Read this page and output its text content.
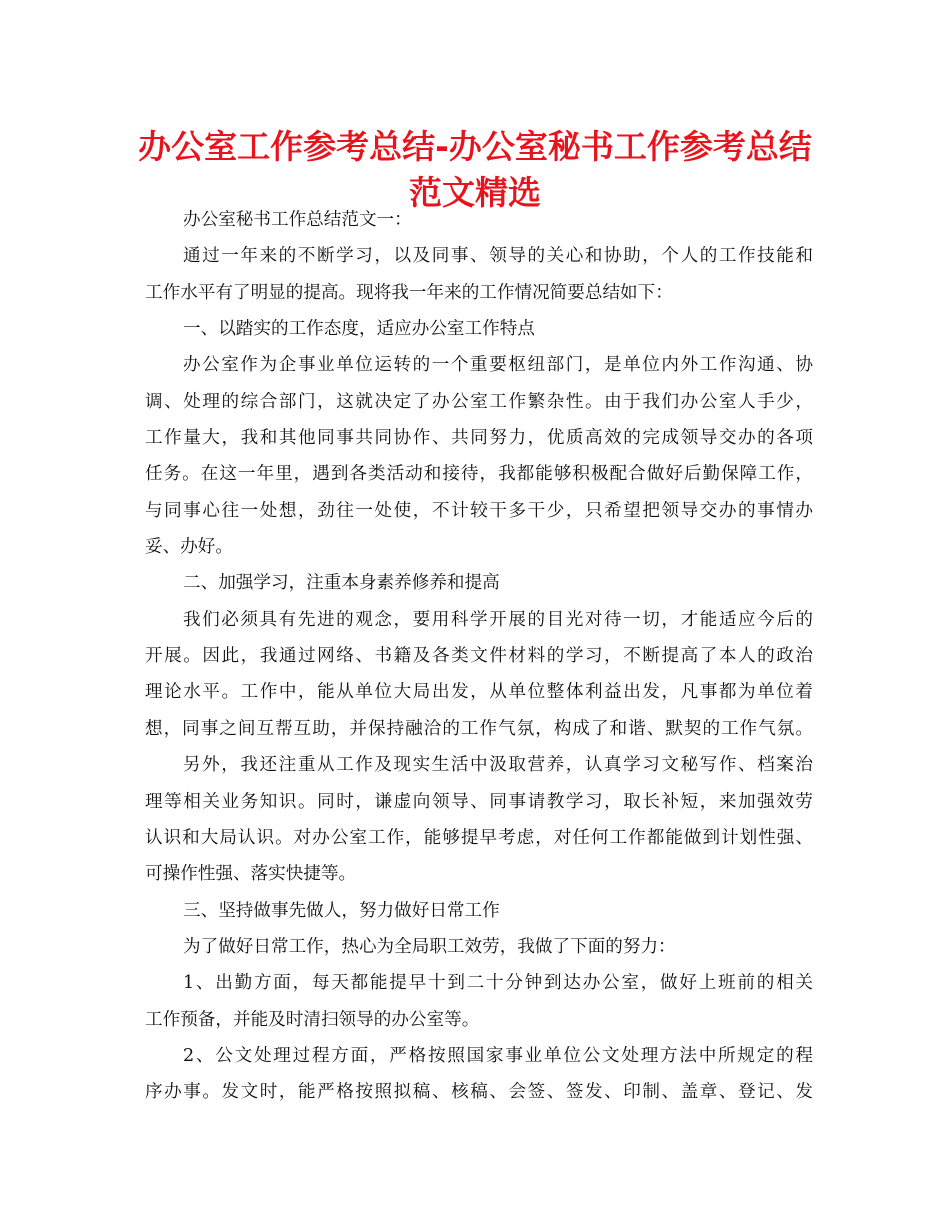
办公室工作参考总结-办公室秘书工作参考总结
范文精选
办公室秘书工作总结范文一：
通过一年来的不断学习，以及同事、领导的关心和协助，个人的工作技能和
工作水平有了明显的提高。现将我一年来的工作情况简要总结如下：
一、以踏实的工作态度，适应办公室工作特点
办公室作为企事业单位运转的一个重要枢纽部门，是单位内外工作沟通、协
调、处理的综合部门，这就决定了办公室工作繁杂性。由于我们办公室人手少，
工作量大，我和其他同事共同协作、共同努力，优质高效的完成领导交办的各项
任务。在这一年里，遇到各类活动和接待，我都能够积极配合做好后勤保障工作，
与同事心往一处想，劲往一处使，不计较干多干少，只希望把领导交办的事情办
妥、办好。
二、加强学习，注重本身素养修养和提高
我们必须具有先进的观念，要用科学开展的目光对待一切，才能适应今后的
开展。因此，我通过网络、书籍及各类文件材料的学习，不断提高了本人的政治
理论水平。工作中，能从单位大局出发，从单位整体利益出发，凡事都为单位着
想，同事之间互帮互助，并保持融洽的工作气氛，构成了和谐、默契的工作气氛。
另外，我还注重从工作及现实生活中汲取营养，认真学习文秘写作、档案治
理等相关业务知识。同时，谦虚向领导、同事请教学习，取长补短，来加强效劳
认识和大局认识。对办公室工作，能够提早考虑，对任何工作都能做到计划性强、
可操作性强、落实快捷等。
三、坚持做事先做人，努力做好日常工作
为了做好日常工作，热心为全局职工效劳，我做了下面的努力：
1、出勤方面，每天都能提早十到二十分钟到达办公室，做好上班前的相关
工作预备，并能及时清扫领导的办公室等。
2、公文处理过程方面，严格按照国家事业单位公文处理方法中所规定的程
序办事。发文时，能严格按照拟稿、核稿、会签、签发、印制、盖章、登记、发
